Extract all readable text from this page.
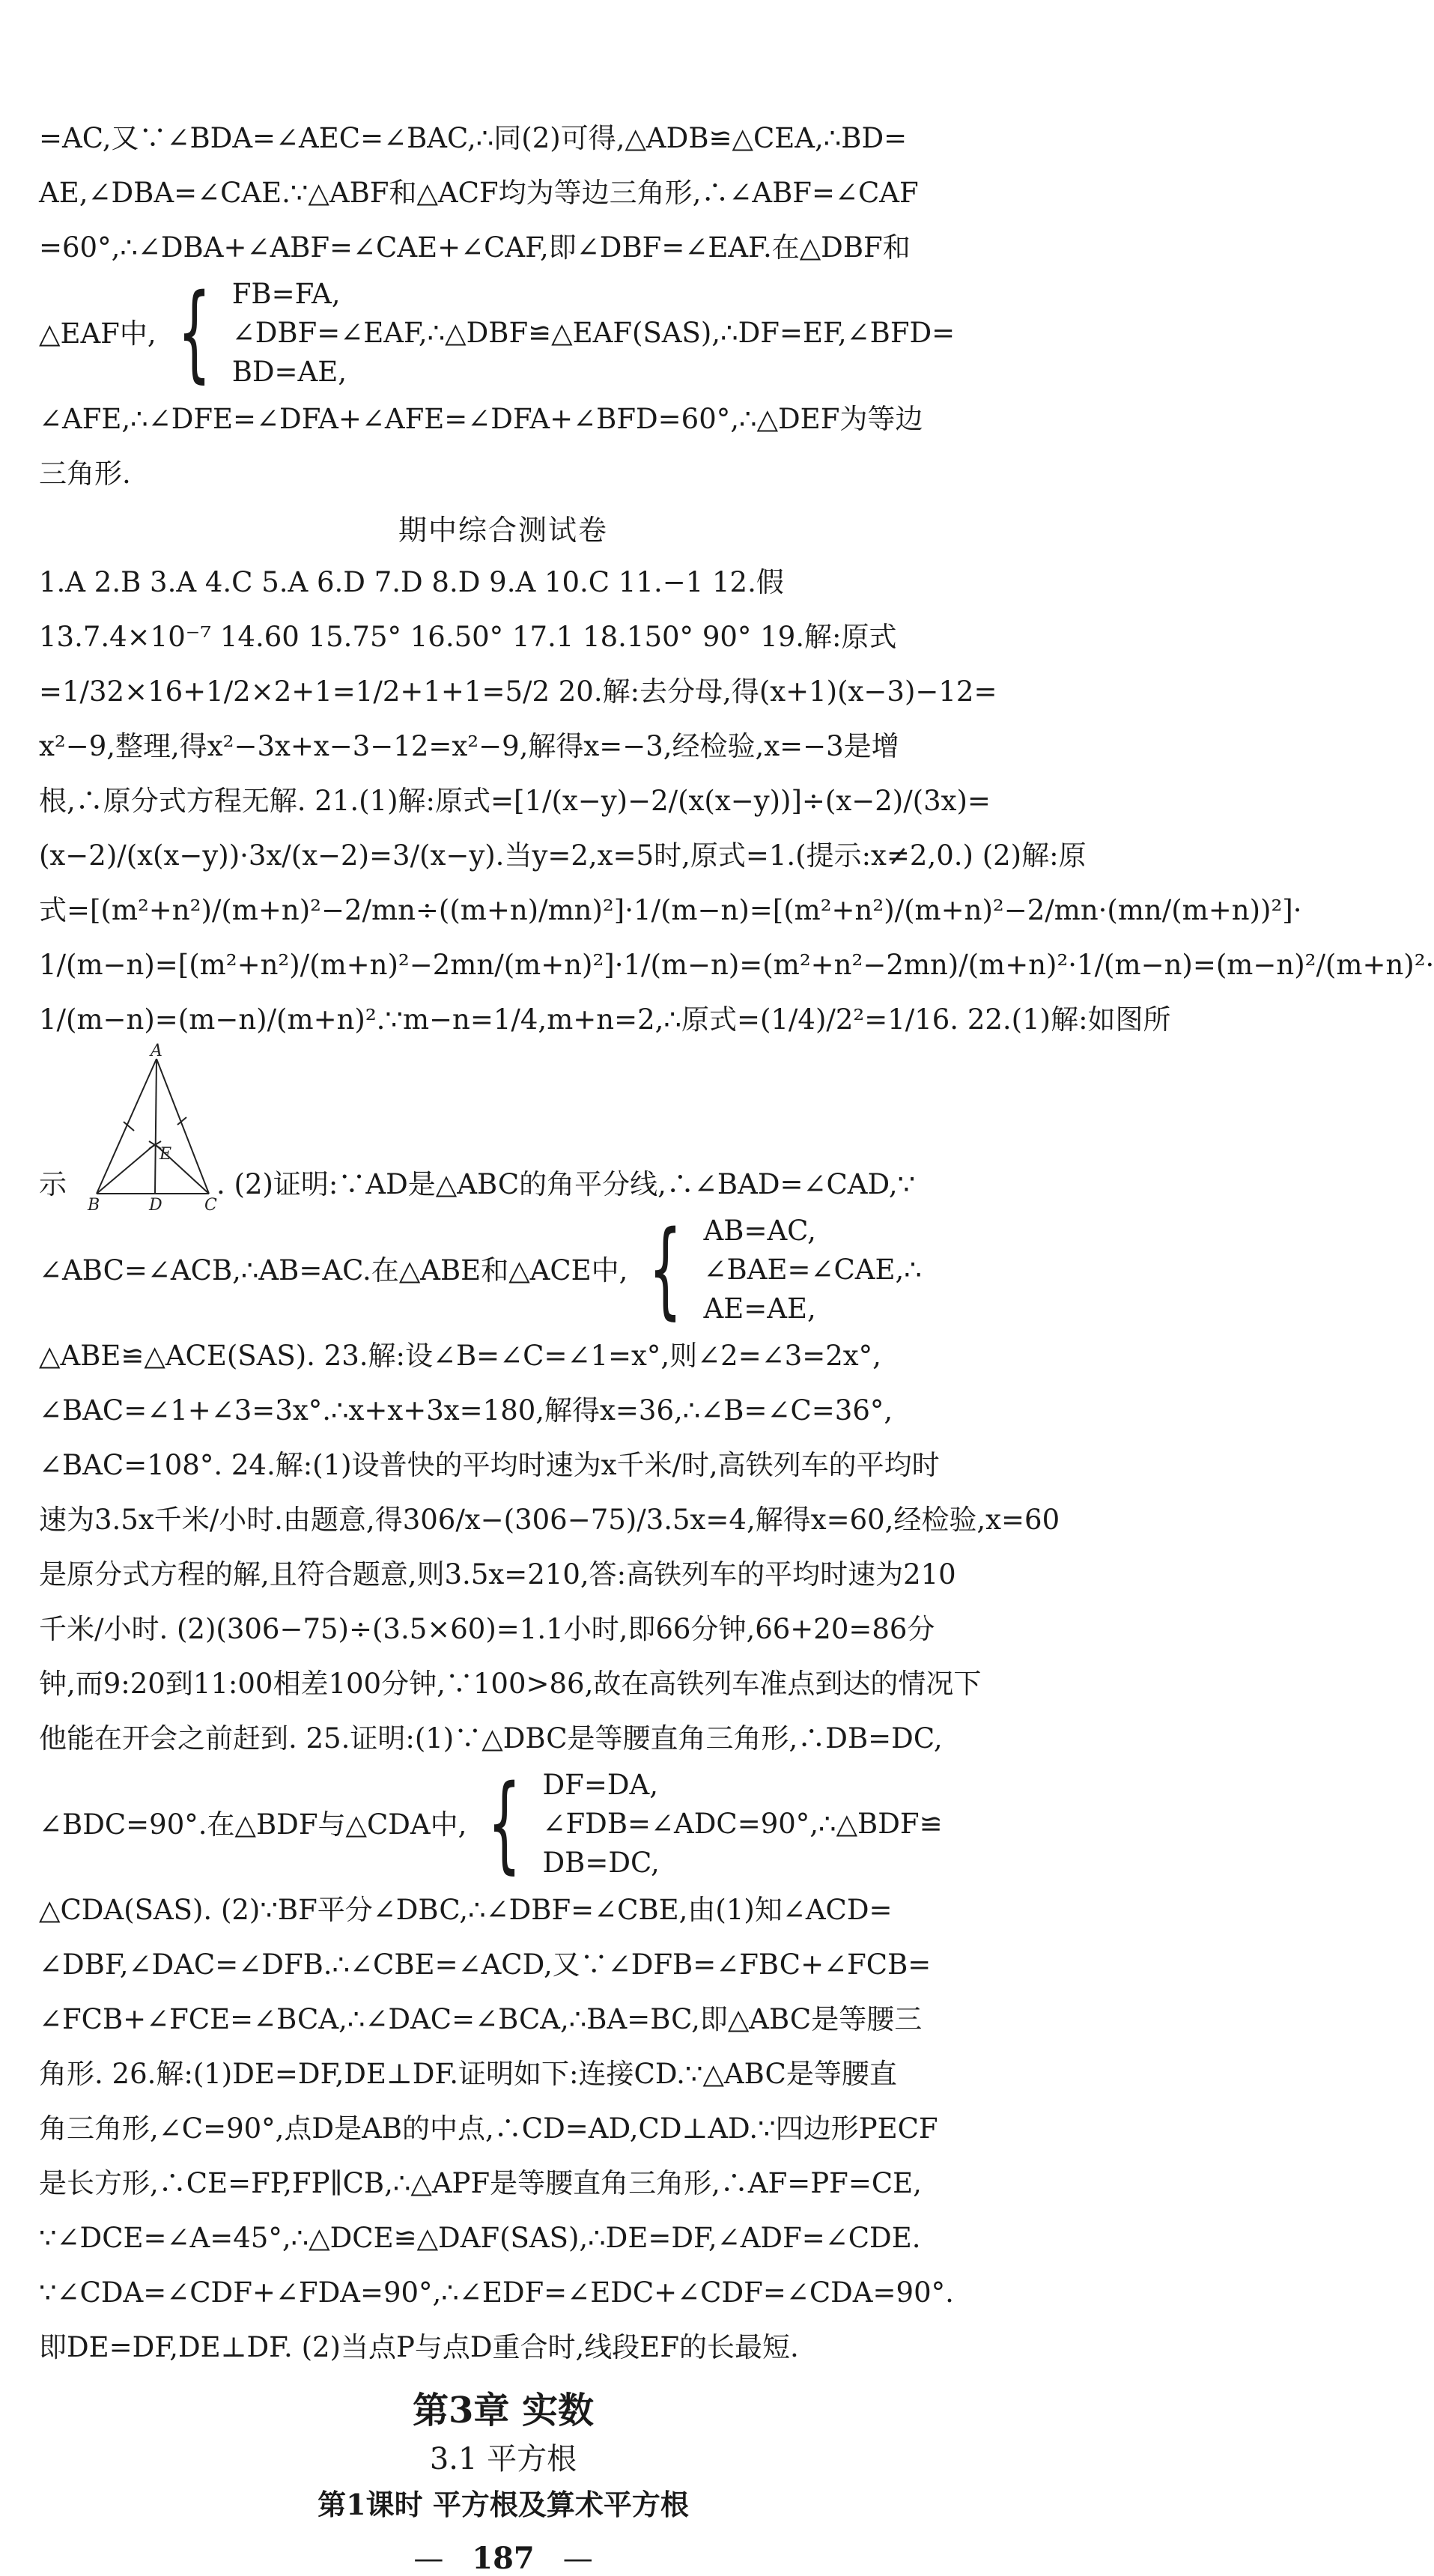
=AC,又∵∠BDA=∠AEC=∠BAC,∴同(2)可得,△ADB≌△CEA,∴BD=
AE,∠DBA=∠CAE.∵△ABF和△ACF均为等边三角形,∴∠ABF=∠CAF
=60°,∴∠DBA+∠ABF=∠CAE+∠CAF,即∠DBF=∠EAF.在△DBF和

△EAF中, { FB=FA,
∠DBF=∠EAF,∴△DBF≌△EAF(SAS),∴DF=EF,∠BFD=
BD=AE,

∠AFE,∴∠DFE=∠DFA+∠AFE=∠DFA+∠BFD=60°,∴△DEF为等边
三角形.

期中综合测试卷

1.A 2.B 3.A 4.C 5.A 6.D 7.D 8.D 9.A 10.C 11.−1 12.假
13.7.4×10⁻⁷ 14.60 15.75° 16.50° 17.1 18.150° 90° 19.解:原式
=1/32×16+1/2×2+1=1/2+1+1=5/2 20.解:去分母,得(x+1)(x−3)−12=
x²−9,整理,得x²−3x+x−3−12=x²−9,解得x=−3,经检验,x=−3是增
根,∴原分式方程无解. 21.(1)解:原式=[1/(x−y)−2/(x(x−y))]÷(x−2)/(3x)=
(x−2)/(x(x−y))·3x/(x−2)=3/(x−y).当y=2,x=5时,原式=1.(提示:x≠2,0.) (2)解:原
式=[(m²+n²)/(m+n)²−2/mn÷((m+n)/mn)²]·1/(m−n)=[(m²+n²)/(m+n)²−2/mn·(mn/(m+n))²]·
1/(m−n)=[(m²+n²)/(m+n)²−2mn/(m+n)²]·1/(m−n)=(m²+n²−2mn)/(m+n)²·1/(m−n)=(m−n)²/(m+n)²·
1/(m−n)=(m−n)/(m+n)².∵m−n=1/4,m+n=2,∴原式=(1/4)/2²=1/16. 22.(1)解:如图所

示
A
B	D	C
E
. (2)证明:∵AD是△ABC的角平分线,∴∠BAD=∠CAD,∵
∠ABC=∠ACB,∴AB=AC.在△ABE和△ACE中, { AB=AC,
∠BAE=∠CAE,∴
AE=AE,

△ABE≌△ACE(SAS). 23.解:设∠B=∠C=∠1=x°,则∠2=∠3=2x°,
∠BAC=∠1+∠3=3x°.∴x+x+3x=180,解得x=36,∴∠B=∠C=36°,
∠BAC=108°. 24.解:(1)设普快的平均时速为x千米/时,高铁列车的平均时
速为3.5x千米/小时.由题意,得306/x−(306−75)/3.5x=4,解得x=60,经检验,x=60
是原分式方程的解,且符合题意,则3.5x=210,答:高铁列车的平均时速为210
千米/小时. (2)(306−75)÷(3.5×60)=1.1小时,即66分钟,66+20=86分
钟,而9:20到11:00相差100分钟,∵100>86,故在高铁列车准点到达的情况下
他能在开会之前赶到. 25.证明:(1)∵△DBC是等腰直角三角形,∴DB=DC,

∠BDC=90°.在△BDF与△CDA中, { DF=DA,
∠FDB=∠ADC=90°,∴△BDF≌
DB=DC,

△CDA(SAS). (2)∵BF平分∠DBC,∴∠DBF=∠CBE,由(1)知∠ACD=
∠DBF,∠DAC=∠DFB.∴∠CBE=∠ACD,又∵∠DFB=∠FBC+∠FCB=
∠FCB+∠FCE=∠BCA,∴∠DAC=∠BCA,∴BA=BC,即△ABC是等腰三
角形. 26.解:(1)DE=DF,DE⊥DF.证明如下:连接CD.∵△ABC是等腰直
角三角形,∠C=90°,点D是AB的中点,∴CD=AD,CD⊥AD.∵四边形PECF
是长方形,∴CE=FP,FP∥CB,∴△APF是等腰直角三角形,∴AF=PF=CE,
∵∠DCE=∠A=45°,∴△DCE≌△DAF(SAS),∴DE=DF,∠ADF=∠CDE.
∵∠CDA=∠CDF+∠FDA=90°,∴∠EDF=∠EDC+∠CDF=∠CDA=90°.
即DE=DF,DE⊥DF. (2)当点P与点D重合时,线段EF的长最短.

第3章 实数
3.1 平方根
第1课时 平方根及算术平方根
— 187 —
